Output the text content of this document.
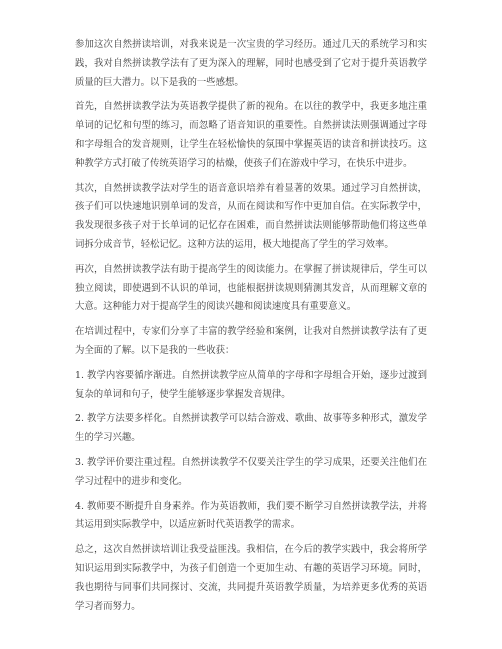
参加这次自然拼读培训，对我来说是一次宝贵的学习经历。通过几天的系统学习和实践，我对自然拼读教学法有了更为深入的理解，同时也感受到了它对于提升英语教学质量的巨大潜力。以下是我的一些感想。

首先，自然拼读教学法为英语教学提供了新的视角。在以往的教学中，我更多地注重单词的记忆和句型的练习，而忽略了语音知识的重要性。自然拼读法则强调通过字母和字母组合的发音规则，让学生在轻松愉快的氛围中掌握英语的读音和拼读技巧。这种教学方式打破了传统英语学习的枯燥，使孩子们在游戏中学习，在快乐中进步。

其次，自然拼读教学法对学生的语音意识培养有着显著的效果。通过学习自然拼读，孩子们可以快速地识别单词的发音，从而在阅读和写作中更加自信。在实际教学中，我发现很多孩子对于长单词的记忆存在困难，而自然拼读法则能够帮助他们将这些单词拆分成音节，轻松记忆。这种方法的运用，极大地提高了学生的学习效率。

再次，自然拼读教学法有助于提高学生的阅读能力。在掌握了拼读规律后，学生可以独立阅读，即使遇到不认识的单词，也能根据拼读规则猜测其发音，从而理解文章的大意。这种能力对于提高学生的阅读兴趣和阅读速度具有重要意义。

在培训过程中，专家们分享了丰富的教学经验和案例，让我对自然拼读教学法有了更为全面的了解。以下是我的一些收获：

1. 教学内容要循序渐进。自然拼读教学应从简单的字母和字母组合开始，逐步过渡到复杂的单词和句子，使学生能够逐步掌握发音规律。

2. 教学方法要多样化。自然拼读教学可以结合游戏、歌曲、故事等多种形式，激发学生的学习兴趣。

3. 教学评价要注重过程。自然拼读教学不仅要关注学生的学习成果，还要关注他们在学习过程中的进步和变化。

4. 教师要不断提升自身素养。作为英语教师，我们要不断学习自然拼读教学法，并将其运用到实际教学中，以适应新时代英语教学的需求。

总之，这次自然拼读培训让我受益匪浅。我相信，在今后的教学实践中，我会将所学知识运用到实际教学中，为孩子们创造一个更加生动、有趣的英语学习环境。同时，我也期待与同事们共同探讨、交流，共同提升英语教学质量，为培养更多优秀的英语学习者而努力。
